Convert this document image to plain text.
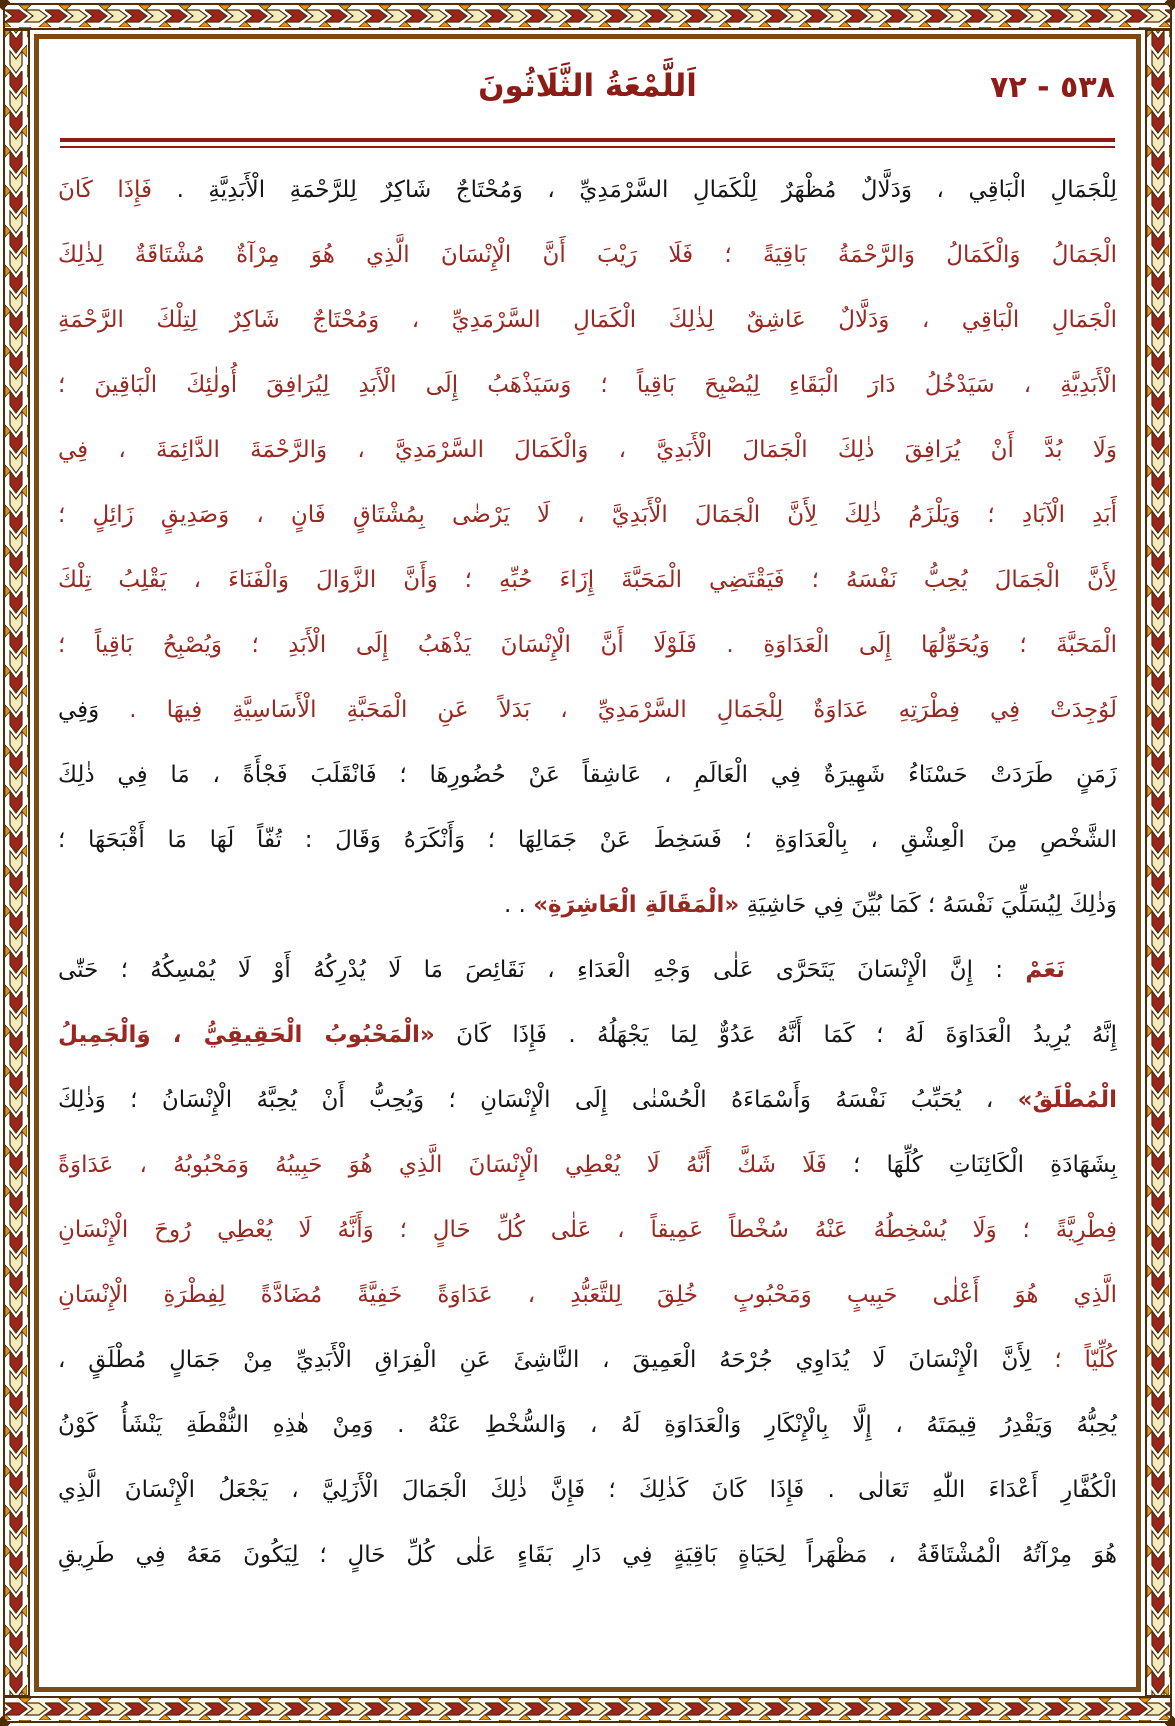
اَللَّمْعَةُ الثَّلَاثُونَ	٧٢ - ٥٣٨
لِلْجَمَالِ الْبَاقِي ، وَدَلَّالٌ مُظْهَرٌ لِلْكَمَالِ السَّرْمَدِيِّ ، وَمُحْتَاجٌ شَاكِرٌ لِلرَّحْمَةِ الْأَبَدِيَّةِ . فَإِذَا كَانَ
الْجَمَالُ وَالْكَمَالُ وَالرَّحْمَةُ بَاقِيَةً ؛ فَلَا رَيْبَ أَنَّ الْإِنْسَانَ الَّذِي هُوَ مِرْآةٌ مُشْتَاقَةٌ لِذٰلِكَ
الْجَمَالِ الْبَاقِي ، وَدَلَّالٌ عَاشِقٌ لِذٰلِكَ الْكَمَالِ السَّرْمَدِيِّ ، وَمُحْتَاجٌ شَاكِرٌ لِتِلْكَ الرَّحْمَةِ
الْأَبَدِيَّةِ ، سَيَدْخُلُ دَارَ الْبَقَاءِ لِيُصْبِحَ بَاقِياً ؛ وَسَيَذْهَبُ إِلَى الْأَبَدِ لِيُرَافِقَ أُولٰئِكَ الْبَاقِينَ ؛
وَلَا بُدَّ أَنْ يُرَافِقَ ذٰلِكَ الْجَمَالَ الْأَبَدِيَّ ، وَالْكَمَالَ السَّرْمَدِيَّ ، وَالرَّحْمَةَ الدَّائِمَةَ ، فِي
أَبَدِ الْآبَادِ ؛ وَيَلْزَمُ ذٰلِكَ لِأَنَّ الْجَمَالَ الْأَبَدِيَّ ، لَا يَرْضٰى بِمُشْتَاقٍ فَانٍ ، وَصَدِيقٍ زَائِلٍ ؛
لِأَنَّ الْجَمَالَ يُحِبُّ نَفْسَهُ ؛ فَيَقْتَضِي الْمَحَبَّةَ إِزَاءَ حُبِّهِ ؛ وَأَنَّ الزَّوَالَ وَالْفَنَاءَ ، يَقْلِبُ تِلْكَ
الْمَحَبَّةَ ؛ وَيُحَوِّلُهَا إِلَى الْعَدَاوَةِ . فَلَوْلَا أَنَّ الْإِنْسَانَ يَذْهَبُ إِلَى الْأَبَدِ ؛ وَيُصْبِحُ بَاقِياً ؛
لَوُجِدَتْ فِي فِطْرَتِهِ عَدَاوَةٌ لِلْجَمَالِ السَّرْمَدِيِّ ، بَدَلاً عَنِ الْمَحَبَّةِ الْأَسَاسِيَّةِ فِيهَا . وَفِي
زَمَنٍ طَرَدَتْ حَسْنَاءُ شَهِيرَةٌ فِي الْعَالَمِ ، عَاشِقاً عَنْ حُضُورِهَا ؛ فَانْقَلَبَ فَجْأَةً ، مَا فِي ذٰلِكَ
الشَّخْصِ مِنَ الْعِشْقِ ، بِالْعَدَاوَةِ ؛ فَسَخِطَ عَنْ جَمَالِهَا ؛ وَأَنْكَرَهُ وَقَالَ : تُفّاً لَهَا مَا أَقْبَحَهَا ؛
وَذٰلِكَ لِيُسَلِّيَ نَفْسَهُ ؛ كَمَا بُيِّنَ فِي حَاشِيَةِ «الْمَقَالَةِ الْعَاشِرَةِ» . .
نَعَمْ : إِنَّ الْإِنْسَانَ يَتَحَرَّى عَلٰى وَجْهِ الْعَدَاءِ ، نَقَائِصَ مَا لَا يُدْرِكُهُ أَوْ لَا يُمْسِكُهُ ؛ حَتّٰى
إِنَّهُ يُرِيدُ الْعَدَاوَةَ لَهُ ؛ كَمَا أَنَّهُ عَدُوٌّ لِمَا يَجْهَلُهُ . فَإِذَا كَانَ «الْمَحْبُوبُ الْحَقِيقِيُّ ، وَالْجَمِيلُ
الْمُطْلَقُ» ، يُحَبِّبُ نَفْسَهُ وَأَسْمَاءَهُ الْحُسْنٰى إِلَى الْإِنْسَانِ ؛ وَيُحِبُّ أَنْ يُحِبَّهُ الْإِنْسَانُ ؛ وَذٰلِكَ
بِشَهَادَةِ الْكَائِنَاتِ كُلِّهَا ؛ فَلَا شَكَّ أَنَّهُ لَا يُعْطِي الْإِنْسَانَ الَّذِي هُوَ حَبِيبُهُ وَمَحْبُوبُهُ ، عَدَاوَةً
فِطْرِيَّةً ؛ وَلَا يُسْخِطُهُ عَنْهُ سُخْطاً عَمِيقاً ، عَلٰى كُلِّ حَالٍ ؛ وَأَنَّهُ لَا يُعْطِي رُوحَ الْإِنْسَانِ
الَّذِي هُوَ أَعْلٰى حَبِيبٍ وَمَحْبُوبٍ خُلِقَ لِلتَّعَبُّدِ ، عَدَاوَةً خَفِيَّةً مُضَادَّةً لِفِطْرَةِ الْإِنْسَانِ
كُلِّيّاً ؛ لِأَنَّ الْإِنْسَانَ لَا يُدَاوِي جُرْحَهُ الْعَمِيقَ ، النَّاشِئَ عَنِ الْفِرَاقِ الْأَبَدِيِّ مِنْ جَمَالٍ مُطْلَقٍ ،
يُحِبُّهُ وَيَقْدِرُ قِيمَتَهُ ، إِلَّا بِالْإِنْكَارِ وَالْعَدَاوَةِ لَهُ ، وَالسُّخْطِ عَنْهُ . وَمِنْ هٰذِهِ النُّقْطَةِ يَنْشَأُ كَوْنُ
الْكُفَّارِ أَعْدَاءَ اللّٰهِ تَعَالٰى . فَإِذَا كَانَ كَذٰلِكَ ؛ فَإِنَّ ذٰلِكَ الْجَمَالَ الْأَزَلِيَّ ، يَجْعَلُ الْإِنْسَانَ الَّذِي
هُوَ مِرْآتُهُ الْمُشْتَاقَةُ ، مَظْهَراً لِحَيَاةٍ بَاقِيَةٍ فِي دَارِ بَقَاءٍ عَلٰى كُلِّ حَالٍ ؛ لِيَكُونَ مَعَهُ فِي طَرِيقِ
